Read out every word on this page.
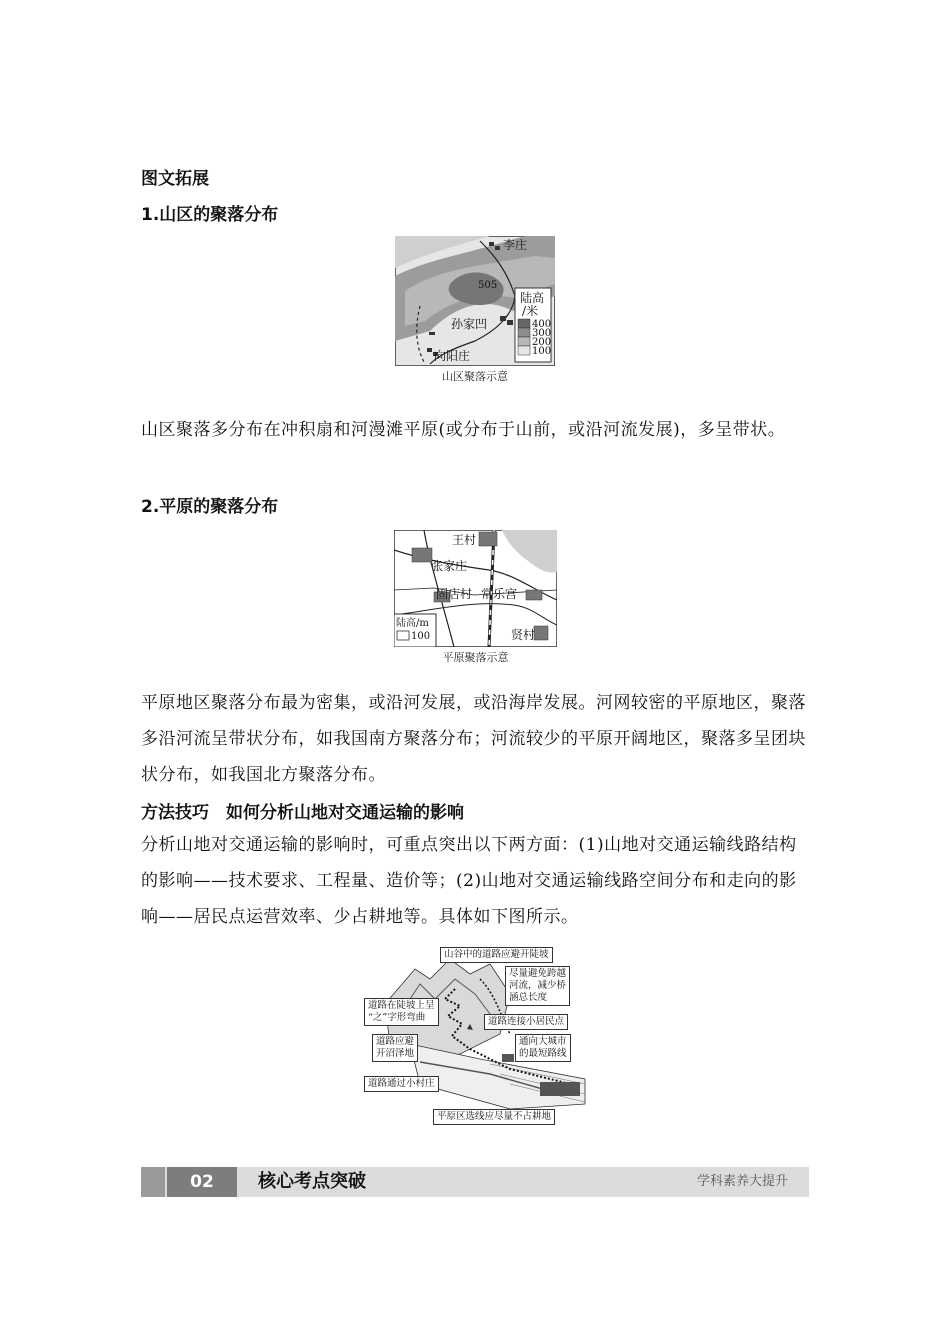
图文拓展
1.山区的聚落分布
李庄
505
孙家凹
向阳庄
陆高
/米
400
300
200
100
山区聚落示意
山区聚落多分布在冲积扇和河漫滩平原(或分布于山前，或沿河流发展)，多呈带状。
2.平原的聚落分布
王村
张家庄
固店村 常乐宫
贤村
陆高/m
100
平原聚落示意
平原地区聚落分布最为密集，或沿河发展，或沿海岸发展。河网较密的平原地区，聚落多沿河流呈带状分布，如我国南方聚落分布；河流较少的平原开阔地区，聚落多呈团块状分布，如我国北方聚落分布。
方法技巧　如何分析山地对交通运输的影响
分析山地对交通运输的影响时，可重点突出以下两方面：(1)山地对交通运输线路结构的影响——技术要求、工程量、造价等；(2)山地对交通运输线路空间分布和走向的影响——居民点运营效率、少占耕地等。具体如下图所示。
山谷中的道路应避开陡坡
尽量避免跨越
河流，减少桥
涵总长度
道路在陡坡上呈
“之”字形弯曲	道路连接小居民点
道路应避
开沼泽地
通向大城市
的最短路线
道路通过小村庄
平原区选线应尽量不占耕地
02	核心考点突破	学科素养大提升
